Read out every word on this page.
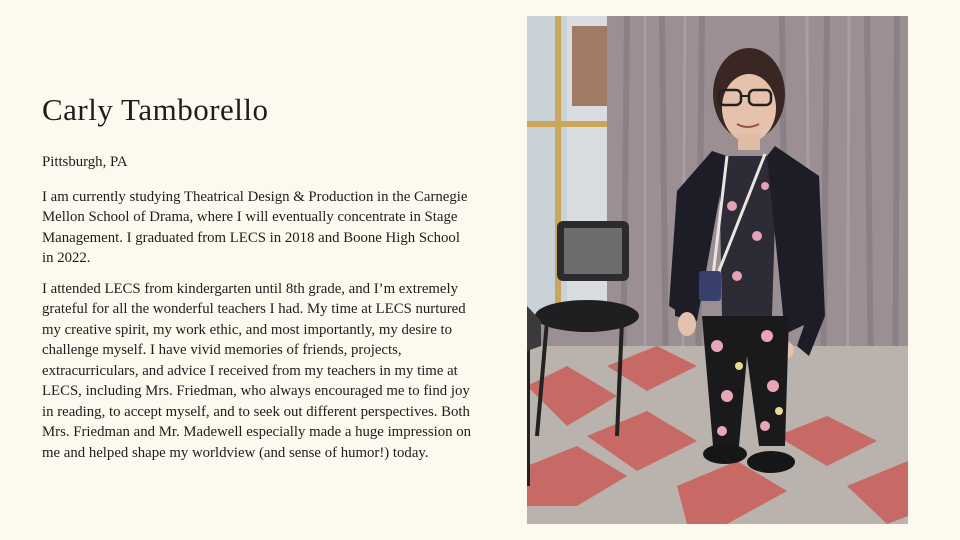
Carly Tamborello

Pittsburgh, PA

I am currently studying Theatrical Design & Production in the Carnegie Mellon School of Drama, where I will eventually concentrate in Stage Management. I graduated from LECS in 2018 and Boone High School in 2022.

I attended LECS from kindergarten until 8th grade, and I’m extremely grateful for all the wonderful teachers I had. My time at LECS nurtured my creative spirit, my work ethic, and most importantly, my desire to challenge myself. I have vivid memories of friends, projects, extracurriculars, and advice I received from my teachers in my time at LECS, including Mrs. Friedman, who always encouraged me to find joy in reading, to accept myself, and to seek out different perspectives. Both Mrs. Friedman and Mr. Madewell especially made a huge impression on me and helped shape my worldview (and sense of humor!) today.
